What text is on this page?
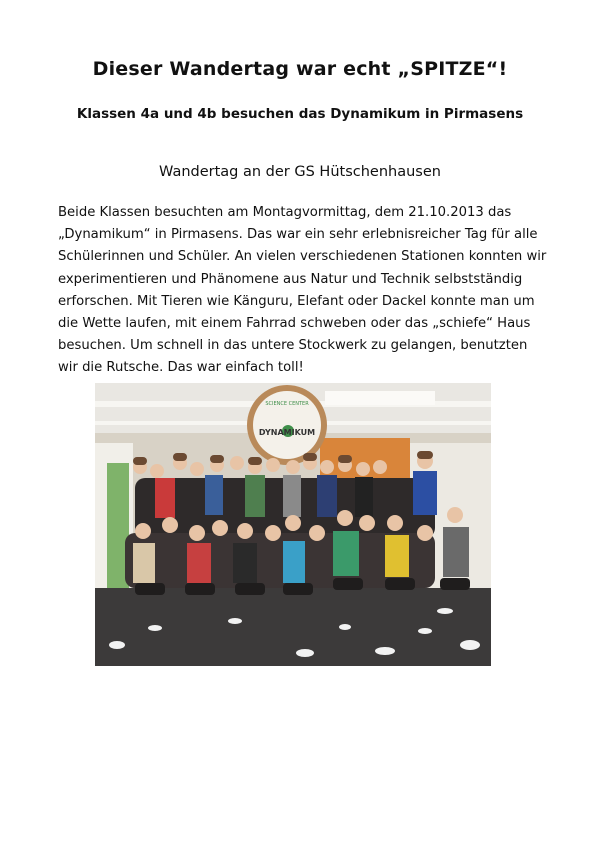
Dieser Wandertag war echt „SPITZE“!
Klassen 4a und 4b besuchen das Dynamikum in Pirmasens
Wandertag an der GS Hütschenhausen
Beide Klassen besuchten am Montagvormittag, dem 21.10.2013 das „Dynamikum“ in Pirmasens. Das war ein sehr erlebnisreicher Tag für alle Schülerinnen und Schüler. An vielen verschiedenen Stationen konnten wir experimentieren und Phänomene aus Natur und Technik selbstständig erforschen. Mit Tieren wie Känguru, Elefant oder Dackel konnte man um die Wette laufen, mit einem Fahrrad schweben oder das „schiefe“ Haus besuchen. Um schnell in das untere Stockwerk zu gelangen, benutzten wir die Rutsche. Das war einfach toll!
SCIENCE CENTER
DYNAMIKUM
